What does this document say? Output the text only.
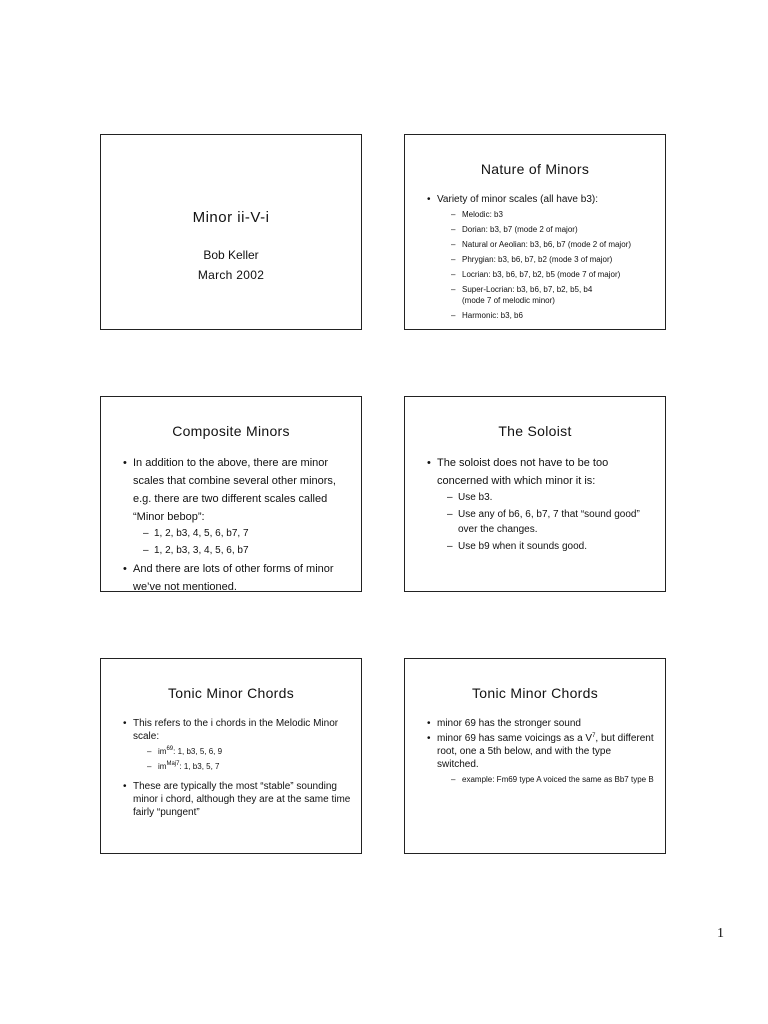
Minor ii-V-i
Bob Keller
March 2002
Nature of Minors
• Variety of minor scales (all have b3):
– Melodic: b3
– Dorian: b3, b7 (mode 2 of major)
– Natural or Aeolian: b3, b6, b7 (mode 2 of major)
– Phrygian: b3, b6, b7, b2 (mode 3 of major)
– Locrian: b3, b6, b7, b2, b5 (mode 7 of major)
– Super-Locrian: b3, b6, b7, b2, b5, b4
(mode 7 of melodic minor)
– Harmonic: b3, b6
Composite Minors
• In addition to the above, there are minor scales that combine several other minors, e.g. there are two different scales called “Minor bebop”:
– 1, 2, b3, 4, 5, 6, b7, 7
– 1, 2, b3, 3, 4, 5, 6, b7
• And there are lots of other forms of minor we’ve not mentioned.
The Soloist
• The soloist does not have to be too concerned with which minor it is:
– Use b3.
– Use any of b6, 6, b7, 7 that “sound good” over the changes.
– Use b9 when it sounds good.
Tonic Minor Chords
• This refers to the i chords in the Melodic Minor scale:
– $im^{69}$: 1, b3, 5, 6, 9
– $im^{Maj7}$: 1, b3, 5, 7
• These are typically the most “stable” sounding minor i chord, although they are at the same time fairly “pungent”
Tonic Minor Chords
• minor 69 has the stronger sound
• minor 69 has same voicings as a $V^7$, but different root, one a 5th below, and with the type switched.
– example: Fm69 type A voiced the same as Bb7 type B
1
